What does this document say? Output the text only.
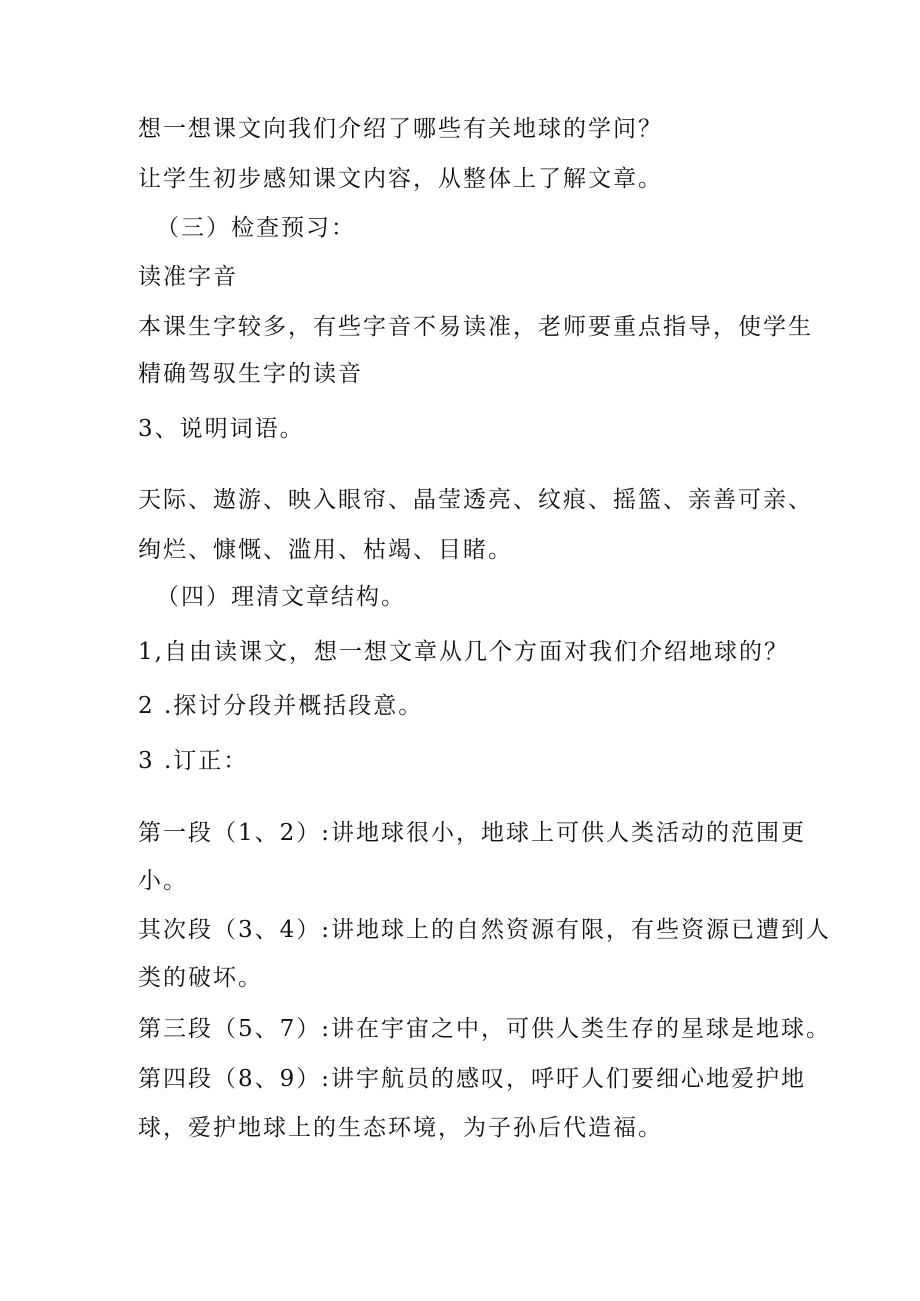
想一想课文向我们介绍了哪些有关地球的学问？
让学生初步感知课文内容，从整体上了解文章。
（三）检查预习：
读准字音
本课生字较多，有些字音不易读准，老师要重点指导，使学生
精确驾驭生字的读音
3、说明词语。
天际、遨游、映入眼帘、晶莹透亮、纹痕、摇篮、亲善可亲、
绚烂、慷慨、滥用、枯竭、目睹。
（四）理清文章结构。
1,自由读课文，想一想文章从几个方面对我们介绍地球的？
2 .探讨分段并概括段意。
3 .订正：
第一段（1、2）:讲地球很小，地球上可供人类活动的范围更
小。
其次段（3、4）:讲地球上的自然资源有限，有些资源已遭到人
类的破坏。
第三段（5、7）:讲在宇宙之中，可供人类生存的星球是地球。
第四段（8、9）:讲宇航员的感叹，呼吁人们要细心地爱护地
球，爱护地球上的生态环境，为子孙后代造福。
